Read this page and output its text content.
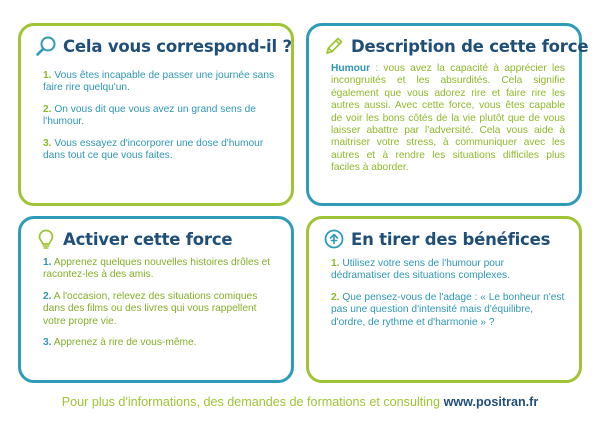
Cela vous correspond-il ?

1. Vous êtes incapable de passer une journée sans faire rire quelqu'un.

2. On vous dit que vous avez un grand sens de l'humour.

3. Vous essayez d'incorporer une dose d'humour dans tout ce que vous faites.

Description de cette force

Humour : vous avez la capacité à apprécier les incongruités et les absurdités. Cela signifie également que vous adorez rire et faire rire les autres aussi. Avec cette force, vous êtes capable de voir les bons côtés de la vie plutôt que de vous laisser abattre par l'adversité. Cela vous aide à maitriser votre stress, à communiquer avec les autres et à rendre les situations difficiles plus faciles à aborder.

Activer cette force

1. Apprenez quelques nouvelles histoires drôles et racontez-les à des amis.

2. A l'occasion, relevez des situations comiques dans des films ou des livres qui vous rappellent votre propre vie.

3. Apprenez à rire de vous-même.

En tirer des bénéfices

1. Utilisez votre sens de l'humour pour dédramatiser des situations complexes.

2. Que pensez-vous de l'adage : « Le bonheur n'est pas une question d'intensité mais d'équilibre, d'ordre, de rythme et d'harmonie » ?

Pour plus d'informations, des demandes de formations et consulting www.positran.fr
